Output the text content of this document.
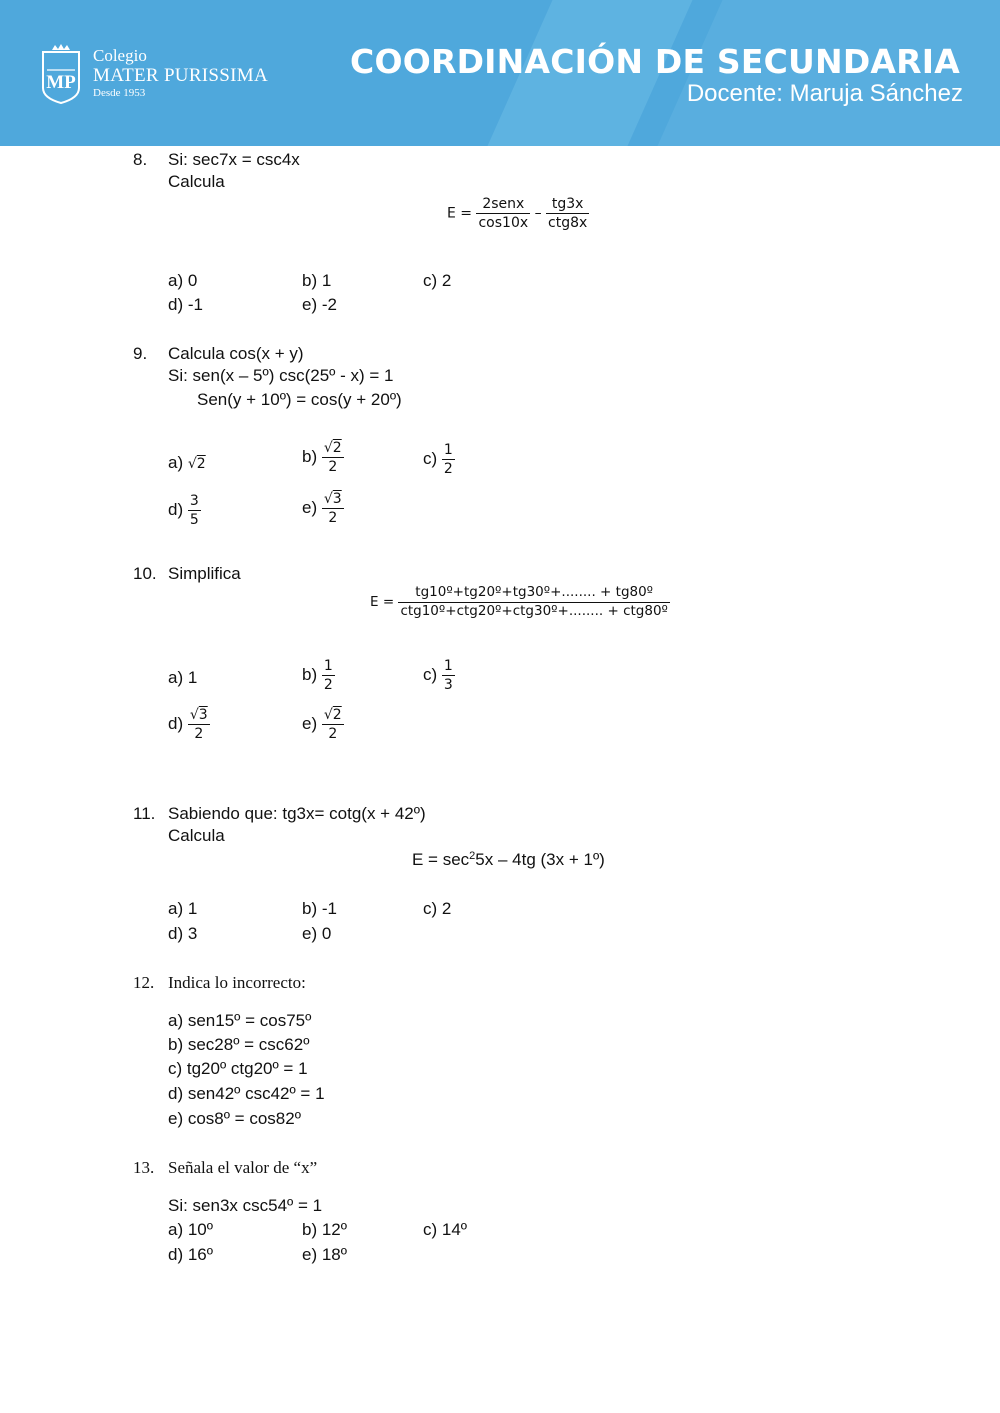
MP
Colegio
MATER PURISSIMA
Desde 1953
COORDINACIÓN DE SECUNDARIA
Docente: Maruja Sánchez
8. Si: sec7x = csc4x
Calcula
$E = \frac{\text{2senx}}{\cos 10x} - \frac{tg3x}{\text{ctg8x}}$
a) 0	b) 1	c) 2
d) -1	e) -2
9. Calcula cos(x + y)
Si: sen(x – 5º) csc(25º - x) = 1
Sen(y + 10º) = cos(y + 20º)
a) √2	$b) \frac{√2}{2}$	$c) \frac{1}{2}$
$d) \frac{3}{5}$	$e) \frac{√3}{2}$
10. Simplifica
$E = \frac{\text{tg10º+tg20º+tg30º+........ + tg80º}}{\text{ctg10º+ctg20º+ctg30º+........ + ctg80º}}$
a) 1	$b) \frac{1}{2}$	$c) \frac{1}{3}$
$d) \frac{√3}{2}$	$e) \frac{√2}{2}$
11. Sabiendo que: tg3x= cotg(x + 42º)
Calcula
$E = \sec^25x - 4tg$ (3x + 1º)
a) 1	b) -1	c) 2
d) 3	e) 0
12. Indica lo incorrecto:
a) sen15º = cos75º
b) sec28º = csc62º
c) tg20º ctg20º = 1
d) sen42º csc42º = 1
e) cos8º = cos82º
13. Señala el valor de “x”
Si: sen3x csc54º = 1
a) 10º	b) 12º	c) 14º
d) 16º	e) 18º
